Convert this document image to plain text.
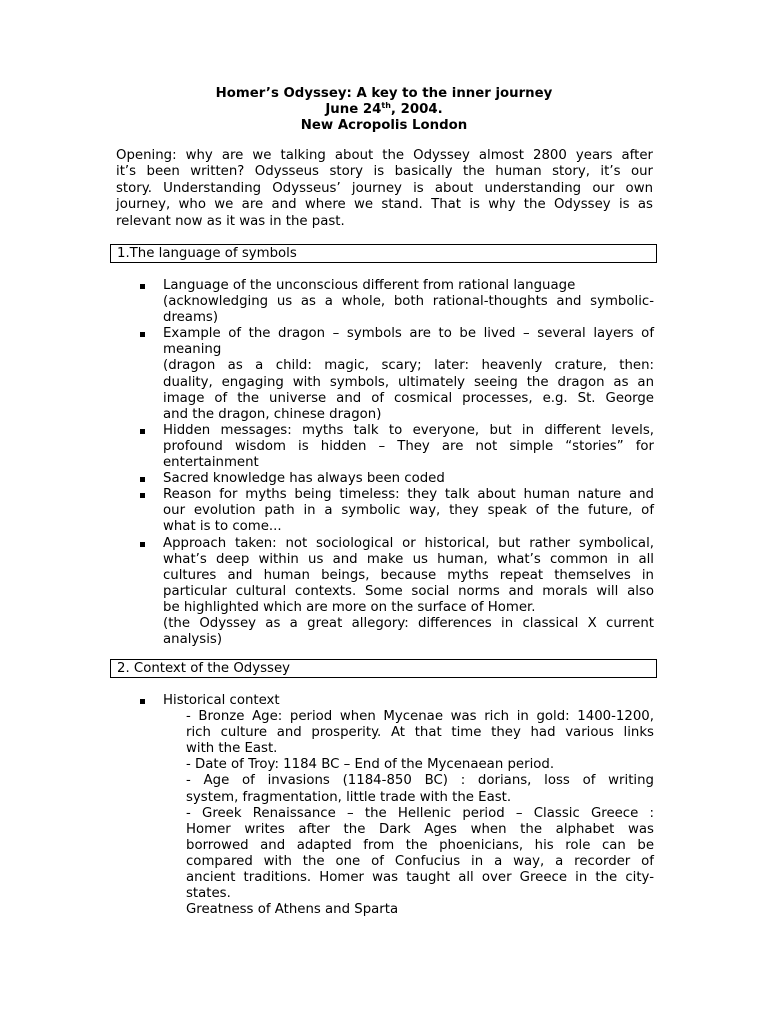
Homer’s Odyssey: A key to the inner journey
June 24th, 2004.
New Acropolis London
Opening: why are we talking about the Odyssey almost 2800 years after
it’s been written? Odysseus story is basically the human story, it’s our
story. Understanding Odysseus’ journey is about understanding our own
journey, who we are and where we stand. That is why the Odyssey is as
relevant now as it was in the past.
1.The language of symbols
Language of the unconscious different from rational language
(acknowledging us as a whole, both rational-thoughts and symbolic-
dreams)
Example of the dragon – symbols are to be lived – several layers of
meaning
(dragon as a child: magic, scary; later: heavenly crature, then:
duality, engaging with symbols, ultimately seeing the dragon as an
image of the universe and of cosmical processes, e.g. St. George
and the dragon, chinese dragon)
Hidden messages: myths talk to everyone, but in different levels,
profound wisdom is hidden – They are not simple “stories” for
entertainment
Sacred knowledge has always been coded
Reason for myths being timeless: they talk about human nature and
our evolution path in a symbolic way, they speak of the future, of
what is to come...
Approach taken: not sociological or historical, but rather symbolical,
what’s deep within us and make us human, what’s common in all
cultures and human beings, because myths repeat themselves in
particular cultural contexts. Some social norms and morals will also
be highlighted which are more on the surface of Homer.
(the Odyssey as a great allegory: differences in classical X current
analysis)
2. Context of the Odyssey
Historical context
- Bronze Age: period when Mycenae was rich in gold: 1400-1200,
rich culture and prosperity. At that time they had various links
with the East.
- Date of Troy: 1184 BC – End of the Mycenaean period.
- Age of invasions (1184-850 BC) : dorians, loss of writing
system, fragmentation, little trade with the East.
- Greek Renaissance – the Hellenic period – Classic Greece :
Homer writes after the Dark Ages when the alphabet was
borrowed and adapted from the phoenicians, his role can be
compared with the one of Confucius in a way, a recorder of
ancient traditions. Homer was taught all over Greece in the city-
states.
Greatness of Athens and Sparta
